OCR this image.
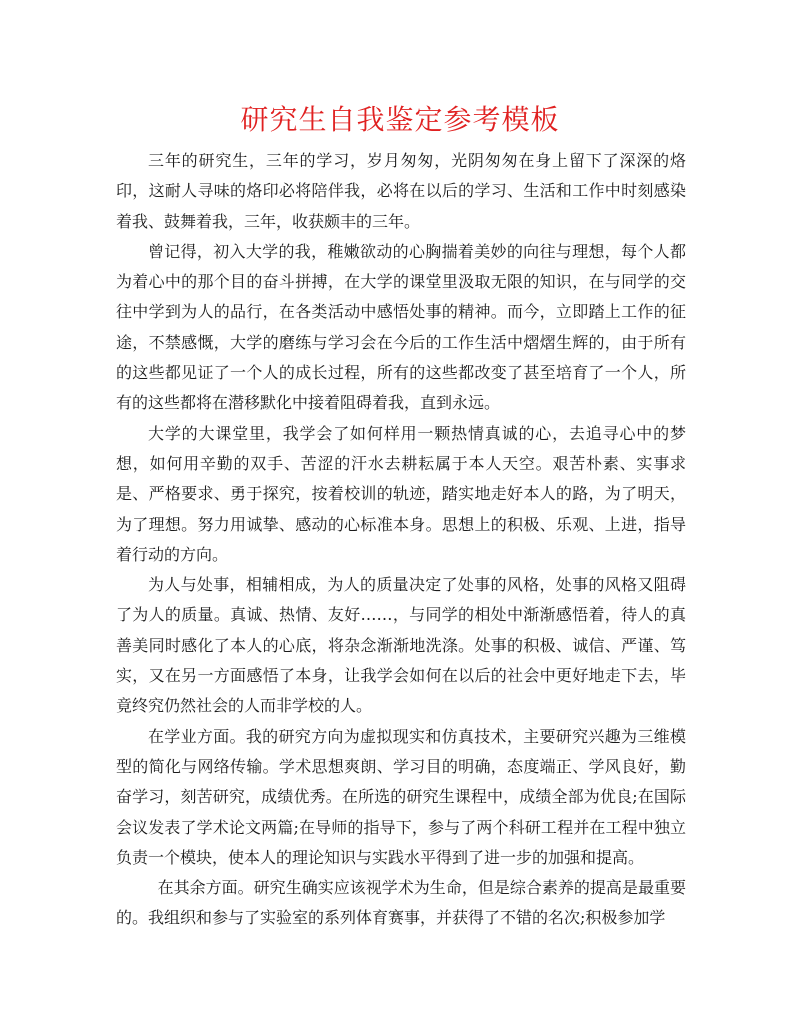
研究生自我鉴定参考模板

三年的研究生，三年的学习，岁月匆匆，光阴匆匆在身上留下了深深的烙印，这耐人寻味的烙印必将陪伴我，必将在以后的学习、生活和工作中时刻感染着我、鼓舞着我，三年，收获颇丰的三年。

曾记得，初入大学的我，稚嫩欲动的心胸揣着美妙的向往与理想，每个人都为着心中的那个目的奋斗拼搏，在大学的课堂里汲取无限的知识，在与同学的交往中学到为人的品行，在各类活动中感悟处事的精神。而今，立即踏上工作的征途，不禁感慨，大学的磨练与学习会在今后的工作生活中熠熠生辉的，由于所有的这些都见证了一个人的成长过程，所有的这些都改变了甚至培育了一个人，所有的这些都将在潜移默化中接着阻碍着我，直到永远。

大学的大课堂里，我学会了如何样用一颗热情真诚的心，去追寻心中的梦想，如何用辛勤的双手、苦涩的汗水去耕耘属于本人天空。艰苦朴素、实事求是、严格要求、勇于探究，按着校训的轨迹，踏实地走好本人的路，为了明天，为了理想。努力用诚挚、感动的心标准本身。思想上的积极、乐观、上进，指导着行动的方向。

为人与处事，相辅相成，为人的质量决定了处事的风格，处事的风格又阻碍了为人的质量。真诚、热情、友好……，与同学的相处中渐渐感悟着，待人的真善美同时感化了本人的心底，将杂念渐渐地洗涤。处事的积极、诚信、严谨、笃实，又在另一方面感悟了本身，让我学会如何在以后的社会中更好地走下去，毕竟终究仍然社会的人而非学校的人。

在学业方面。我的研究方向为虚拟现实和仿真技术，主要研究兴趣为三维模型的简化与网络传输。学术思想爽朗、学习目的明确，态度端正、学风良好，勤奋学习，刻苦研究，成绩优秀。在所选的研究生课程中，成绩全部为优良;在国际会议发表了学术论文两篇;在导师的指导下，参与了两个科研工程并在工程中独立负责一个模块，使本人的理论知识与实践水平得到了进一步的加强和提高。

在其余方面。研究生确实应该视学术为生命，但是综合素养的提高是最重要的。我组织和参与了实验室的系列体育赛事，并获得了不错的名次;积极参加学
